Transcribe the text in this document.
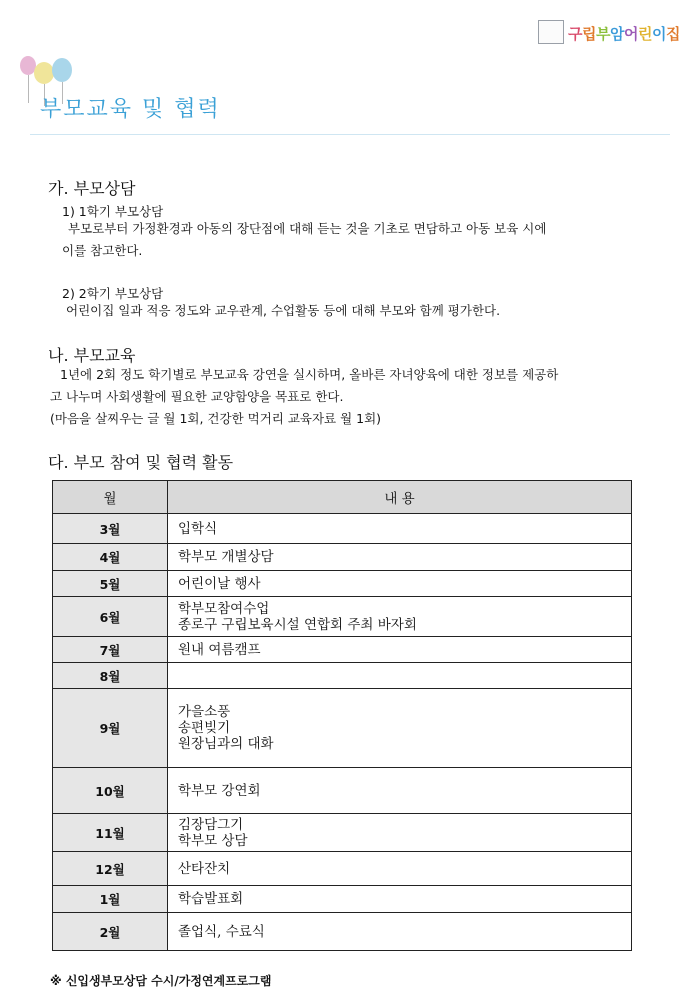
구립부암어린이집
부모교육 및 협력
가. 부모상담
1) 1학기 부모상담
부모로부터 가정환경과 아동의 장단점에 대해 듣는 것을 기초로 면담하고 아동 보육 시에
이를 참고한다.
2) 2학기 부모상담
어린이집 일과 적응 정도와 교우관계, 수업활동 등에 대해 부모와 함께 평가한다.
나. 부모교육
1년에 2회 정도 학기별로 부모교육 강연을 실시하며, 올바른 자녀양육에 대한 정보를 제공하
고 나누며 사회생활에 필요한 교양함양을 목표로 한다.
(마음을 살찌우는 글 월 1회, 건강한 먹거리 교육자료 월 1회)
다. 부모 참여 및 협력 활동
월	내 용
3월	입학식

4월	학부모 개별상담

5월	어린이날 행사

6월	학부모참여수업
종로구 구립보육시설 연합회 주최 바자회

7월	원내 여름캠프

8월	
9월	가을소풍
송편빚기
원장님과의 대화

10월	학부모 강연회

11월	김장담그기
학부모 상담

12월	산타잔치

1월	학습발표회

2월	졸업식, 수료식
※ 신입생부모상담 수시/가정연계프로그램
